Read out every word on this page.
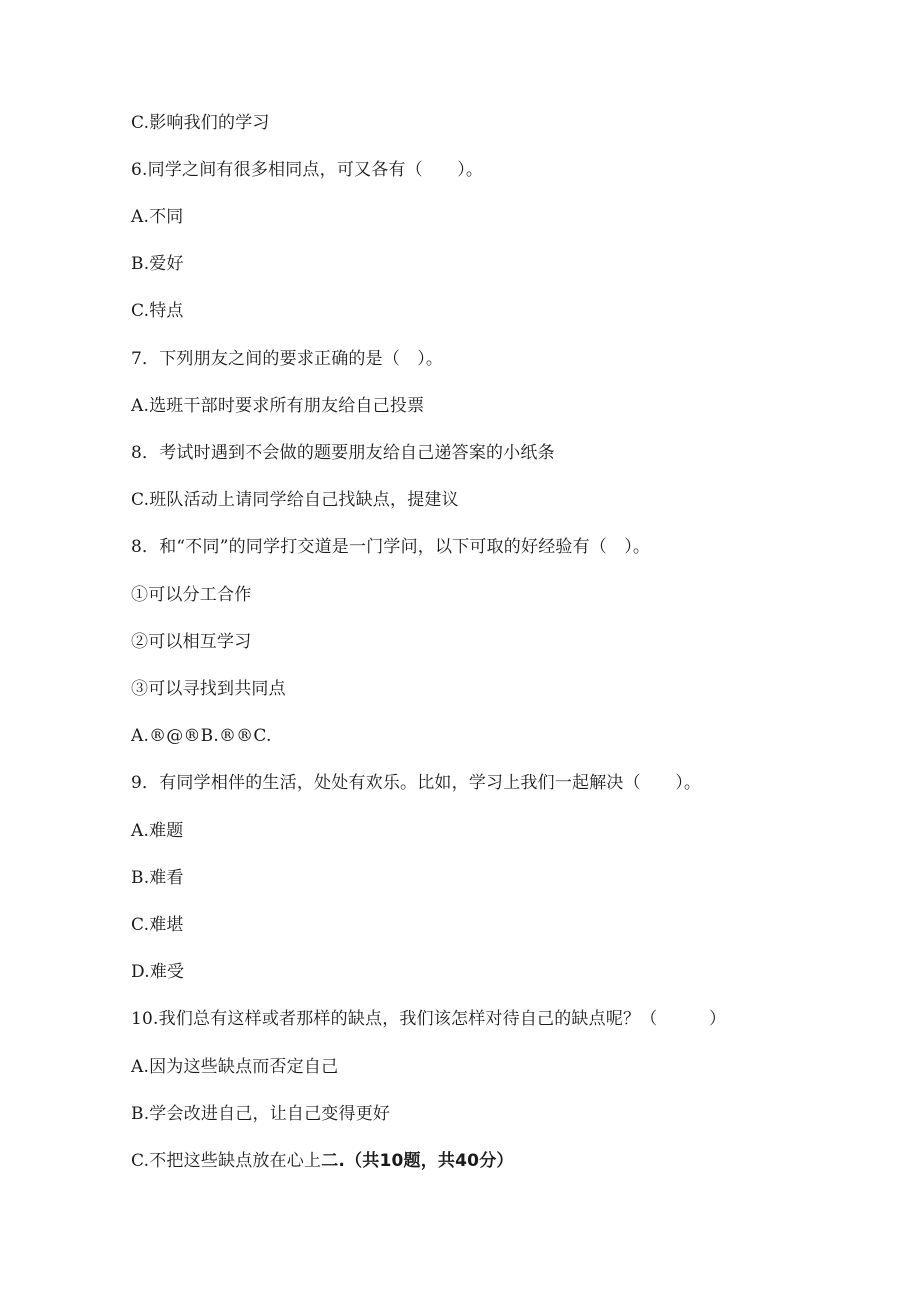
C.影响我们的学习
6.同学之间有很多相同点，可又各有（　　）。
A.不同
B.爱好
C.特点
7．下列朋友之间的要求正确的是（　）。
A.选班干部时要求所有朋友给自己投票
8．考试时遇到不会做的题要朋友给自己递答案的小纸条
C.班队活动上请同学给自己找缺点，提建议
8．和“不同”的同学打交道是一门学问，以下可取的好经验有（　）。
①可以分工合作
②可以相互学习
③可以寻找到共同点
A.®@®B.®®C.
9．有同学相伴的生活，处处有欢乐。比如，学习上我们一起解决（　　）。
A.难题
B.难看
C.难堪
D.难受
10.我们总有这样或者那样的缺点，我们该怎样对待自己的缺点呢？（　　　）
A.因为这些缺点而否定自己
B.学会改进自己，让自己变得更好
C.不把这些缺点放在心上二.（共10题，共40分）
